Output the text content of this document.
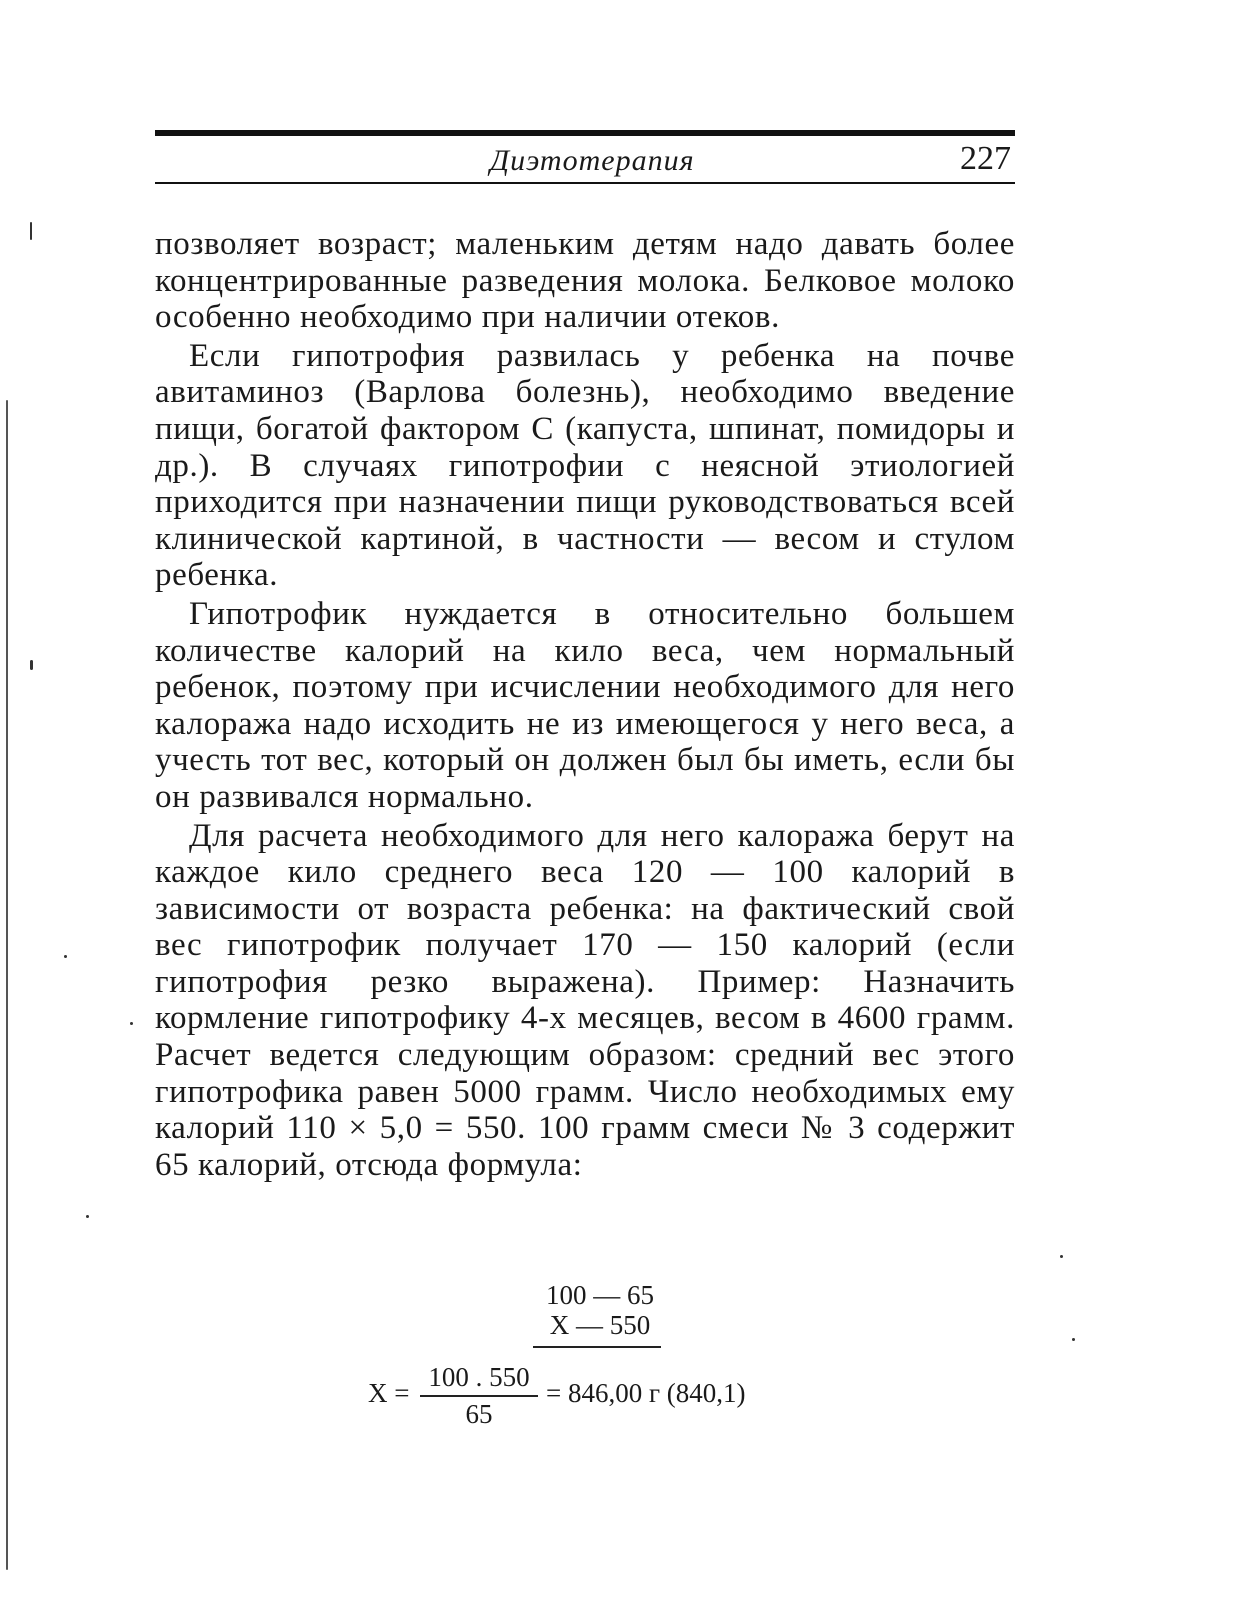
Диэтотерапия	227

позволяет возраст; маленьким детям надо давать более концентрированные разведения молока. Белковое молоко особенно необходимо при наличии отеков.

Если гипотрофия развилась у ребенка на почве авитаминоз (Варлова болезнь), необходимо введение пищи, богатой фактором С (капуста, шпинат, помидоры и др.). В случаях гипотрофии с неясной этиологией приходится при назначении пищи руководствоваться всей клинической картиной, в частности — весом и стулом ребенка.

Гипотрофик нуждается в относительно большем количестве калорий на кило веса, чем нормальный ребенок, поэтому при исчислении необходимого для него калоража надо исходить не из имеющегося у него веса, а учесть тот вес, который он должен был бы иметь, если бы он развивался нормально.

Для расчета необходимого для него калоража берут на каждое кило среднего веса 120 — 100 калорий в зависимости от возраста ребенка: на фактический свой вес гипотрофик получает 170 — 150 калорий (если гипотрофия резко выражена). Пример: Назначить кормление гипотрофику 4-х месяцев, весом в 4600 грамм. Расчет ведется следующим образом: средний вес этого гипотрофика равен 5000 грамм. Число необходимых ему калорий 110 × 5,0 = 550. 100 грамм смеси № 3 содержит 65 калорий, отсюда формула:

100 — 65
X — 550
X =
100 . 550
65
= 846,00 г (840,1)
